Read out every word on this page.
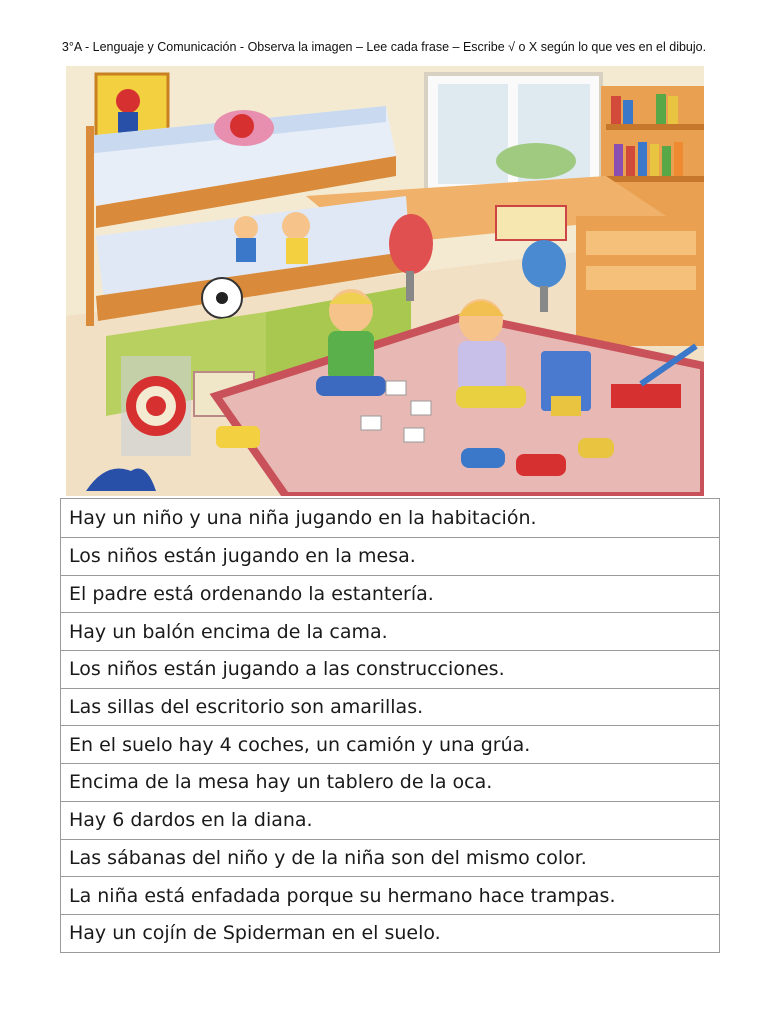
3°A - Lenguaje y Comunicación - Observa la imagen – Lee cada frase – Escribe √ o X según lo que ves en el dibujo.
Hay un niño y una niña jugando en la habitación.
Los niños están jugando en la mesa.
El padre está ordenando la estantería.
Hay un balón encima de la cama.
Los niños están jugando a las construcciones.
Las sillas del escritorio son amarillas.
En el suelo hay 4 coches, un camión y una grúa.
Encima de la mesa hay un tablero de la oca.
Hay 6 dardos en la diana.
Las sábanas del niño y de la niña son del mismo color.
La niña está enfadada porque su hermano hace trampas.
Hay un cojín de Spiderman en el suelo.
